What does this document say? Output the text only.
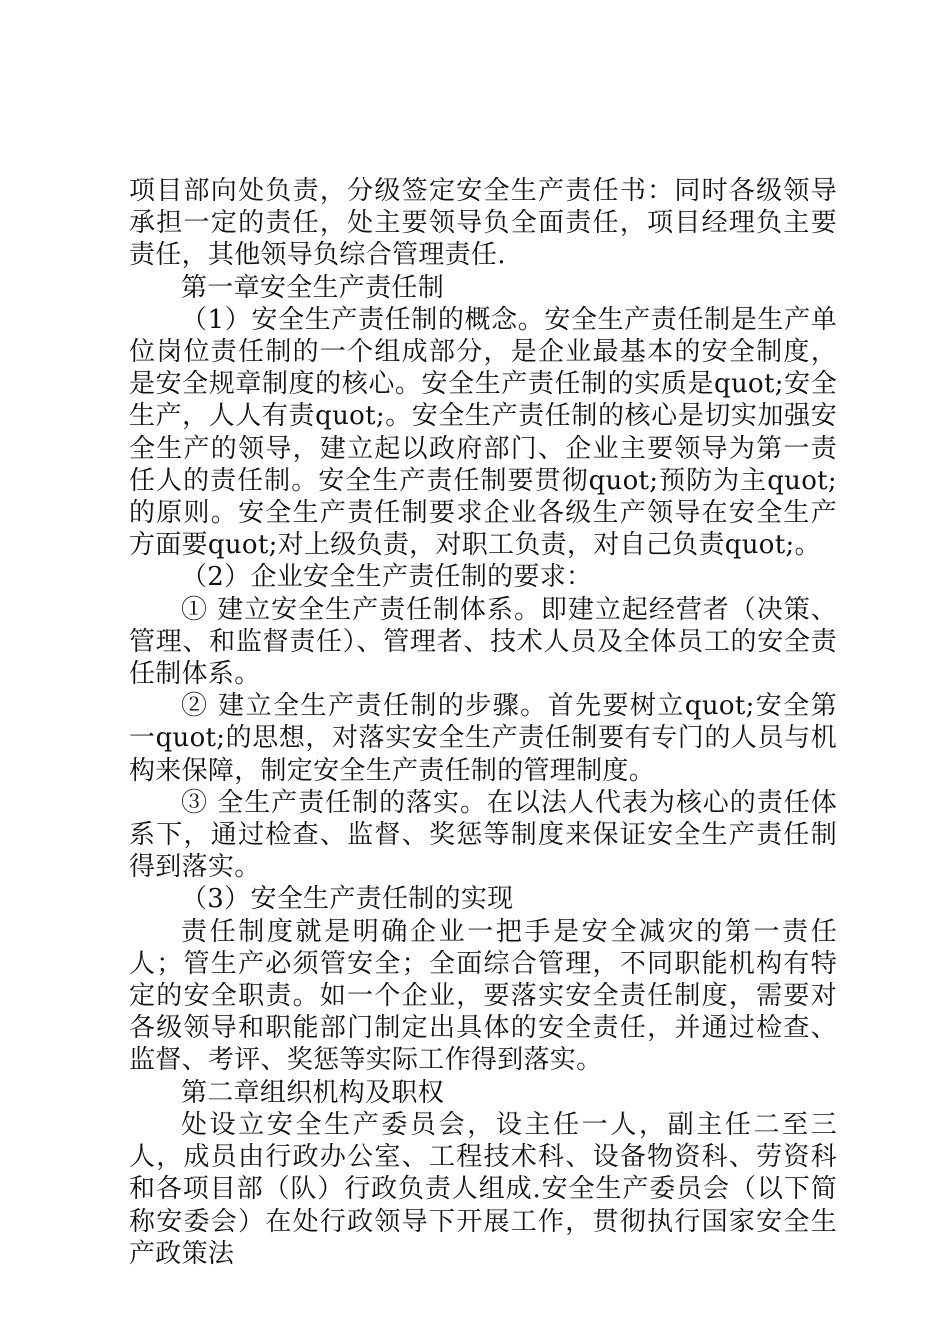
项目部向处负责，分级签定安全生产责任书：同时各级领导承担一定的责任，处主要领导负全面责任，项目经理负主要责任，其他领导负综合管理责任.

第一章安全生产责任制

（1）安全生产责任制的概念。安全生产责任制是生产单位岗位责任制的一个组成部分，是企业最基本的安全制度，是安全规章制度的核心。安全生产责任制的实质是quot;安全生产，人人有责quot;。安全生产责任制的核心是切实加强安全生产的领导，建立起以政府部门、企业主要领导为第一责任人的责任制。安全生产责任制要贯彻quot;预防为主quot;的原则。安全生产责任制要求企业各级生产领导在安全生产方面要quot;对上级负责，对职工负责，对自己负责quot;。

（2）企业安全生产责任制的要求：

① 建立安全生产责任制体系。即建立起经营者（决策、管理、和监督责任）、管理者、技术人员及全体员工的安全责任制体系。

② 建立全生产责任制的步骤。首先要树立quot;安全第一quot;的思想，对落实安全生产责任制要有专门的人员与机构来保障，制定安全生产责任制的管理制度。

③ 全生产责任制的落实。在以法人代表为核心的责任体系下，通过检查、监督、奖惩等制度来保证安全生产责任制得到落实。

（3）安全生产责任制的实现

责任制度就是明确企业一把手是安全减灾的第一责任人；管生产必须管安全；全面综合管理，不同职能机构有特定的安全职责。如一个企业，要落实安全责任制度，需要对各级领导和职能部门制定出具体的安全责任，并通过检查、监督、考评、奖惩等实际工作得到落实。

第二章组织机构及职权

处设立安全生产委员会，设主任一人，副主任二至三人，成员由行政办公室、工程技术科、设备物资科、劳资科和各项目部（队）行政负责人组成.安全生产委员会（以下简称安委会）在处行政领导下开展工作，贯彻执行国家安全生产政策法
